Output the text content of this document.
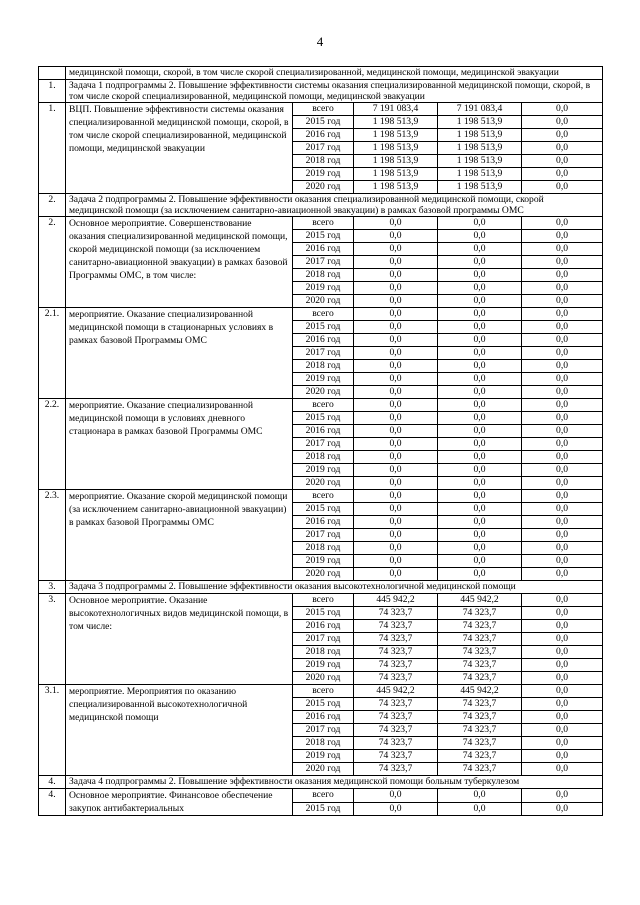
4
	медицинской помощи, скорой, в том числе скорой специализированной, медицинской помощи, медицинской эвакуации				
1.	Задача 1 подпрограммы 2. Повышение эффективности системы оказания специализированной медицинской помощи, скорой, в том числе скорой специализированной, медицинской помощи, медицинской эвакуации				
1.	ВЦП. Повышение эффективности системы оказания специализированной медицинской помощи, скорой, в том числе скорой специализированной, медицинской помощи, медицинской эвакуации	всего	7 191 083,4	7 191 083,4	0,0
		2015 год	1 198 513,9	1 198 513,9	0,0
		2016 год	1 198 513,9	1 198 513,9	0,0
		2017 год	1 198 513,9	1 198 513,9	0,0
		2018 год	1 198 513,9	1 198 513,9	0,0
		2019 год	1 198 513,9	1 198 513,9	0,0
		2020 год	1 198 513,9	1 198 513,9	0,0
2.	Задача 2 подпрограммы 2. Повышение эффективности оказания специализированной медицинской помощи, скорой медицинской помощи (за исключением санитарно-авиационной эвакуации) в рамках базовой программы ОМС				
2.	Основное мероприятие. Совершенствование оказания специализированной медицинской помощи, скорой медицинской помощи (за исключением санитарно-авиационной эвакуации) в рамках базовой Программы ОМС, в том числе:	всего	0,0	0,0	0,0
		2015 год	0,0	0,0	0,0
		2016 год	0,0	0,0	0,0
		2017 год	0,0	0,0	0,0
		2018 год	0,0	0,0	0,0
		2019 год	0,0	0,0	0,0
		2020 год	0,0	0,0	0,0
2.1.	мероприятие. Оказание специализированной медицинской помощи в стационарных условиях в рамках базовой Программы ОМС	всего	0,0	0,0	0,0
		2015 год	0,0	0,0	0,0
		2016 год	0,0	0,0	0,0
		2017 год	0,0	0,0	0,0
		2018 год	0,0	0,0	0,0
		2019 год	0,0	0,0	0,0
		2020 год	0,0	0,0	0,0
2.2.	мероприятие. Оказание специализированной медицинской помощи в условиях дневного стационара в рамках базовой Программы ОМС	всего	0,0	0,0	0,0
		2015 год	0,0	0,0	0,0
		2016 год	0,0	0,0	0,0
		2017 год	0,0	0,0	0,0
		2018 год	0,0	0,0	0,0
		2019 год	0,0	0,0	0,0
		2020 год	0,0	0,0	0,0
2.3.	мероприятие. Оказание скорой медицинской помощи (за исключением санитарно-авиационной эвакуации) в рамках базовой Программы ОМС	всего	0,0	0,0	0,0
		2015 год	0,0	0,0	0,0
		2016 год	0,0	0,0	0,0
		2017 год	0,0	0,0	0,0
		2018 год	0,0	0,0	0,0
		2019 год	0,0	0,0	0,0
		2020 год	0,0	0,0	0,0
3.	Задача 3 подпрограммы 2. Повышение эффективности оказания высокотехнологичной медицинской помощи				
3.	Основное мероприятие. Оказание высокотехнологичных видов медицинской помощи, в том числе:	всего	445 942,2	445 942,2	0,0
		2015 год	74 323,7	74 323,7	0,0
		2016 год	74 323,7	74 323,7	0,0
		2017 год	74 323,7	74 323,7	0,0
		2018 год	74 323,7	74 323,7	0,0
		2019 год	74 323,7	74 323,7	0,0
		2020 год	74 323,7	74 323,7	0,0
3.1.	мероприятие. Мероприятия по оказанию специализированной высокотехнологичной медицинской помощи	всего	445 942,2	445 942,2	0,0
		2015 год	74 323,7	74 323,7	0,0
		2016 год	74 323,7	74 323,7	0,0
		2017 год	74 323,7	74 323,7	0,0
		2018 год	74 323,7	74 323,7	0,0
		2019 год	74 323,7	74 323,7	0,0
		2020 год	74 323,7	74 323,7	0,0
4.	Задача 4 подпрограммы 2. Повышение эффективности оказания медицинской помощи больным туберкулезом				
4.	Основное мероприятие. Финансовое обеспечение закупок антибактериальных	всего	0,0	0,0	0,0
		2015 год	0,0	0,0	0,0
